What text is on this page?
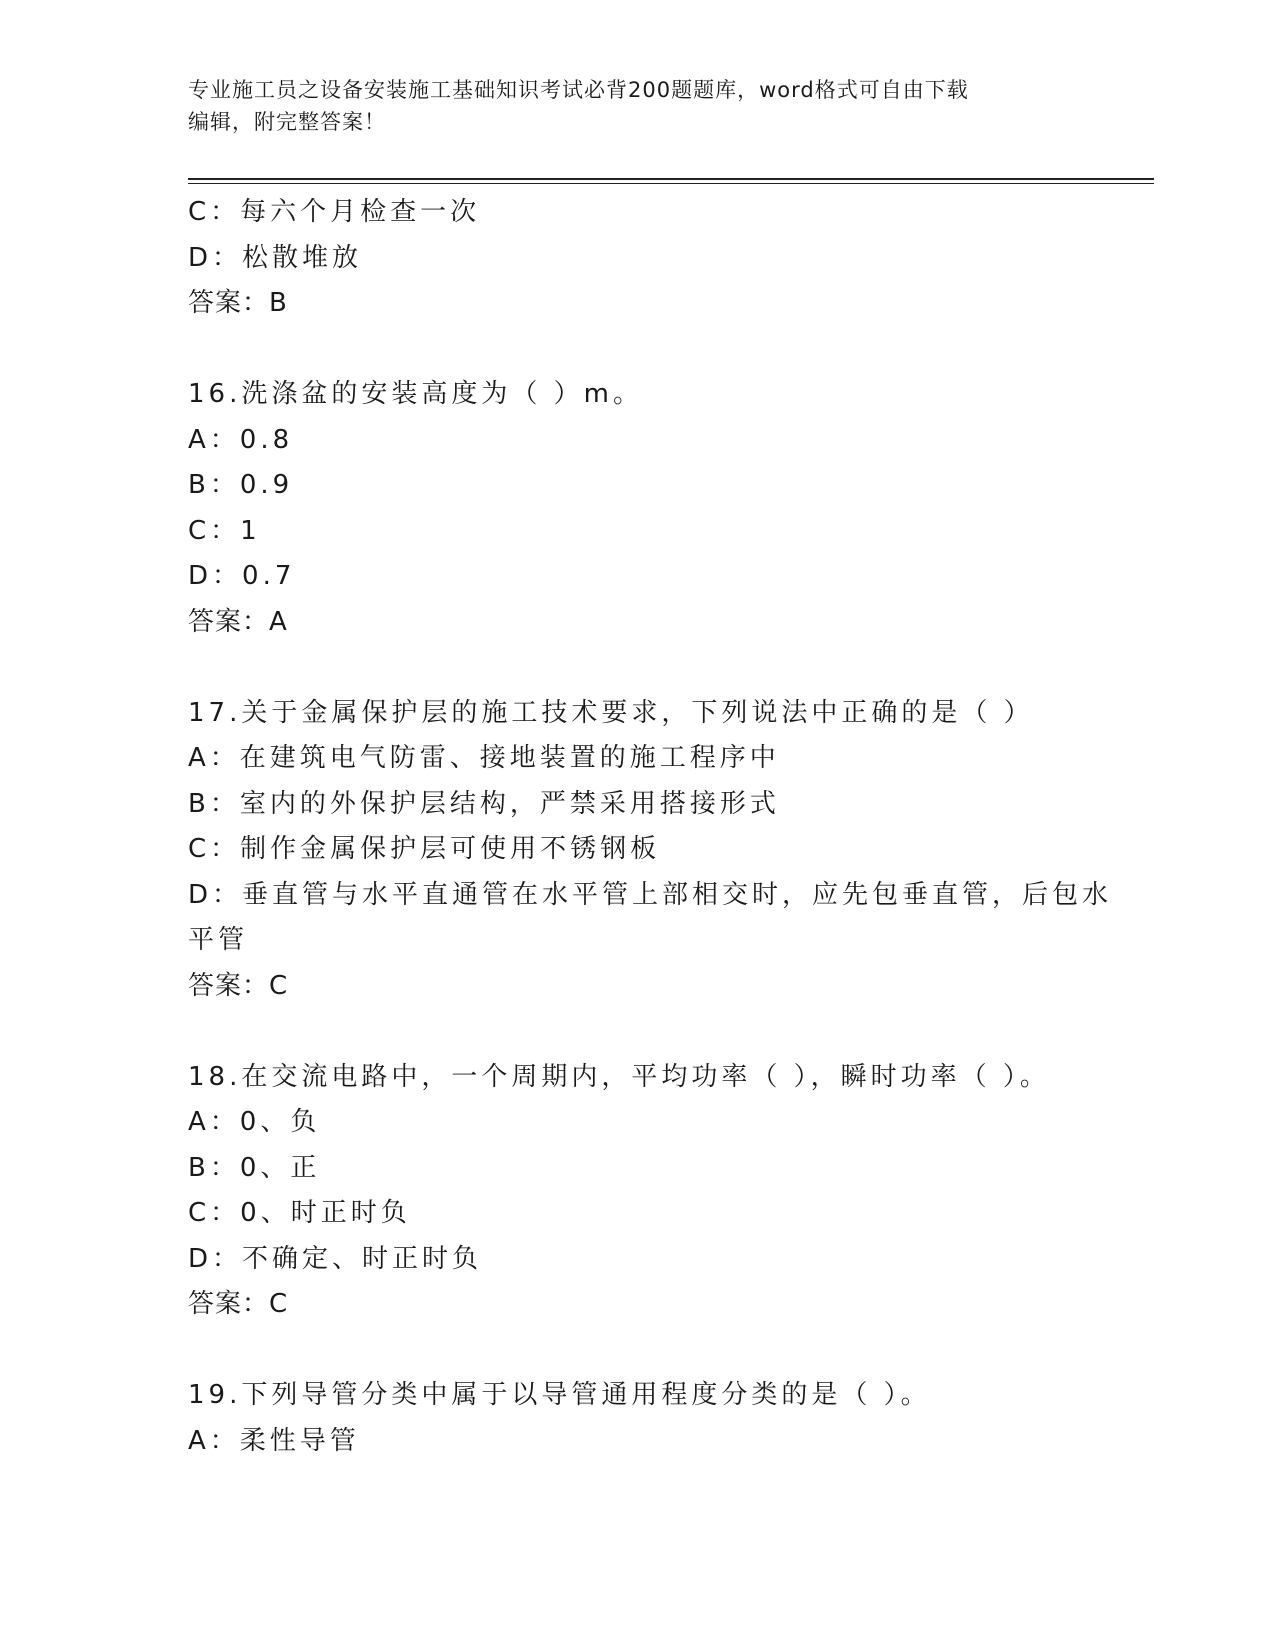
专业施工员之设备安装施工基础知识考试必背200题题库，word格式可自由下载
编辑，附完整答案！
C：每六个月检查一次
D：松散堆放
答案：B
16.洗涤盆的安装高度为（ ）m。
A：0.8
B：0.9
C：1
D：0.7
答案：A
17.关于金属保护层的施工技术要求，下列说法中正确的是（ ）
A：在建筑电气防雷、接地装置的施工程序中
B：室内的外保护层结构，严禁采用搭接形式
C：制作金属保护层可使用不锈钢板
D：垂直管与水平直通管在水平管上部相交时，应先包垂直管，后包水
平管
答案：C
18.在交流电路中，一个周期内，平均功率（ ），瞬时功率（ ）。
A：0、负
B：0、正
C：0、时正时负
D：不确定、时正时负
答案：C
19.下列导管分类中属于以导管通用程度分类的是（ ）。
A：柔性导管
